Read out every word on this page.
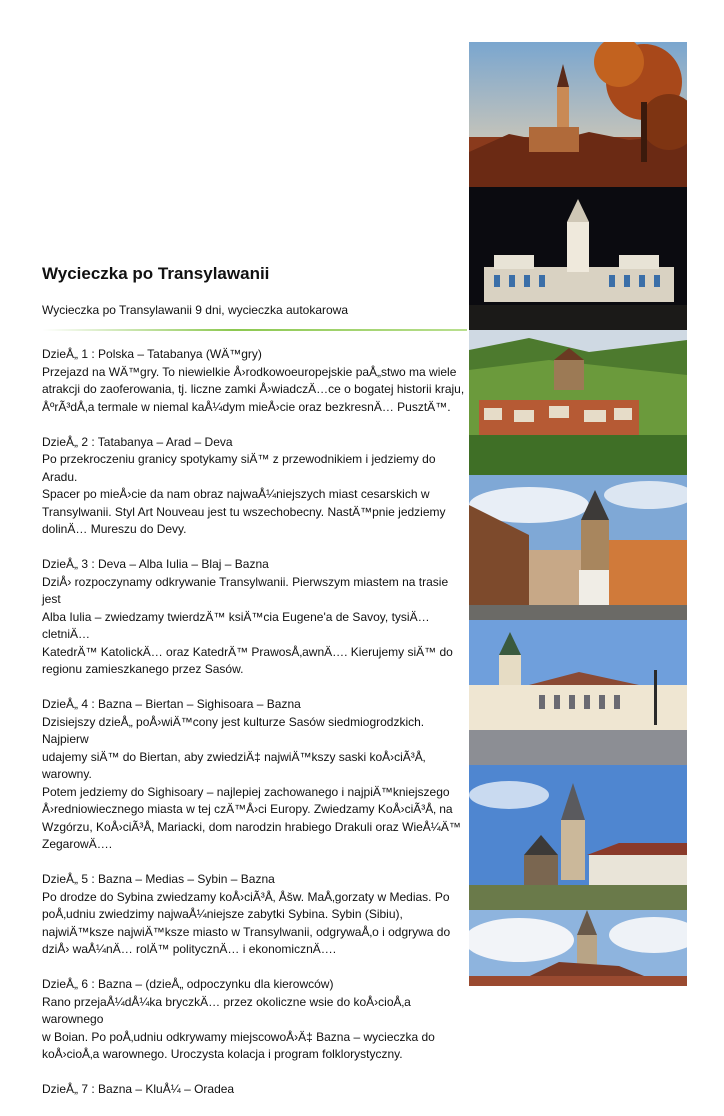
Wycieczka po Transylawanii
Wycieczka po Transylawanii 9 dni, wycieczka autokarowa

DzieÅ„ 1 : Polska – Tatabanya (WÄ™gry)

Przejazd na WÄ™gry. To niewielkie Å›rodkowoeuropejskie paÅ„stwo ma wiele
atrakcji do zaoferowania, tj. liczne zamki Å›wiadczÄ…ce o bogatej historii kraju,
ÅºrÃ³dÅ‚a termale w niemal kaÅ¼dym mieÅ›cie oraz bezkresnÄ… PusztÄ™.

DzieÅ„ 2 : Tatabanya – Arad – Deva

Po przekroczeniu granicy spotykamy siÄ™ z przewodnikiem i jedziemy do Aradu.
Spacer po mieÅ›cie da nam obraz najwaÅ¼niejszych miast cesarskich w
Transylwanii. Styl Art Nouveau jest tu wszechobecny. NastÄ™pnie jedziemy
dolinÄ… Mureszu do Devy.

DzieÅ„ 3 : Deva – Alba Iulia – Blaj – Bazna

DziÅ› rozpoczynamy odkrywanie Transylwanii. Pierwszym miastem na trasie jest
Alba Iulia – zwiedzamy twierdzÄ™ ksiÄ™cia Eugene'a de Savoy, tysiÄ…cletniÄ…
KatedrÄ™ KatolickÄ… oraz KatedrÄ™ PrawosÅ‚awnÄ…. Kierujemy siÄ™ do
regionu zamieszkanego przez Sasów.

DzieÅ„ 4 : Bazna – Biertan – Sighisoara – Bazna

Dzisiejszy dzieÅ„ poÅ›wiÄ™cony jest kulturze Sasów siedmiogrodzkich. Najpierw
udajemy siÄ™ do Biertan, aby zwiedziÄ‡ najwiÄ™kszy saski koÅ›ciÃ³Å‚ warowny.
Potem jedziemy do Sighisoary – najlepiej zachowanego i najpiÄ™kniejszego
Å›redniowiecznego miasta w tej czÄ™Å›ci Europy. Zwiedzamy KoÅ›ciÃ³Å‚ na
Wzgórzu, KoÅ›ciÃ³Å‚ Mariacki, dom narodzin hrabiego Drakuli oraz WieÅ¼Ä™
ZegarowÄ….

DzieÅ„ 5 : Bazna – Medias – Sybin – Bazna

Po drodze do Sybina zwiedzamy koÅ›ciÃ³Å‚ Åšw. MaÅ‚gorzaty w Medias. Po
poÅ‚udniu zwiedzimy najwaÅ¼niejsze zabytki Sybina. Sybin (Sibiu),
najwiÄ™ksze najwiÄ™ksze miasto w Transylwanii, odgrywaÅ‚o i odgrywa do
dziÅ› waÅ¼nÄ… rolÄ™ politycznÄ… i ekonomicznÄ….

DzieÅ„ 6 : Bazna – (dzieÅ„ odpoczynku dla kierowców)

Rano przejaÅ¼dÅ¼ka bryczkÄ… przez okoliczne wsie do koÅ›cioÅ‚a warownego
w Boian. Po poÅ‚udniu odkrywamy miejscowoÅ›Ä‡ Bazna – wycieczka do
koÅ›cioÅ‚a warownego. Uroczysta kolacja i program folklorystyczny.

DzieÅ„ 7 : Bazna – KluÅ¼ – Oradea
